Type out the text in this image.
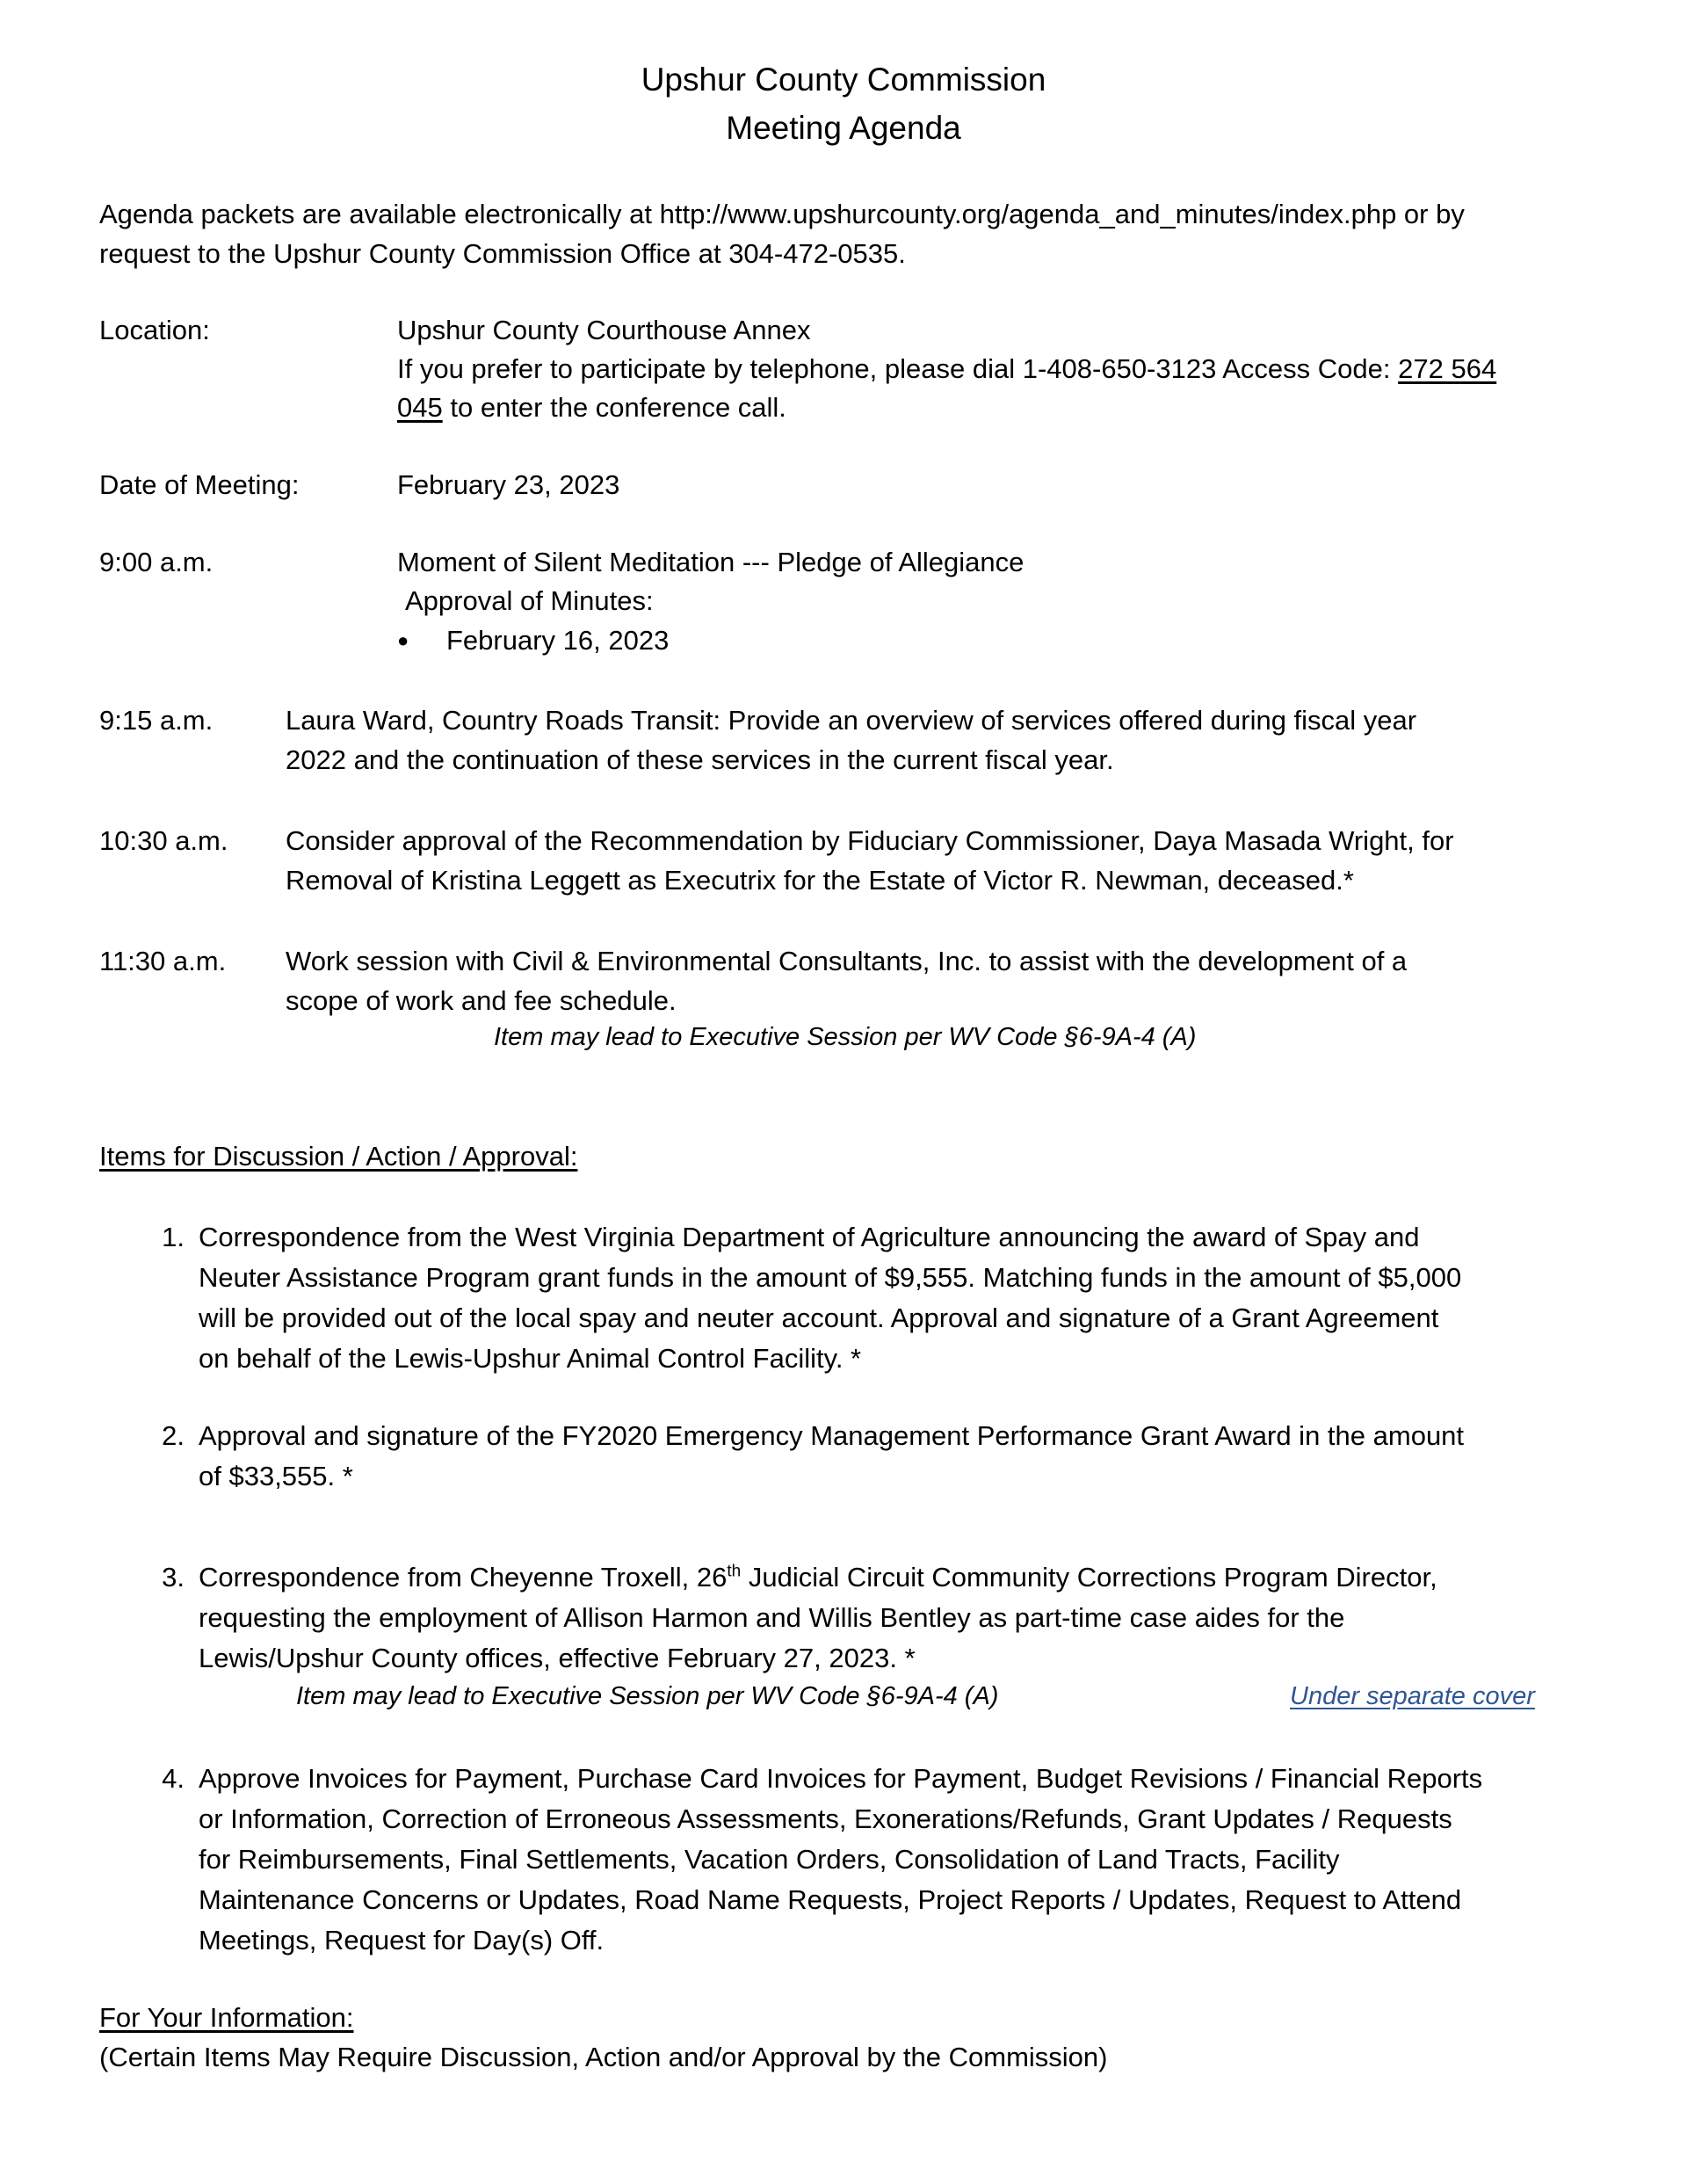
Upshur County Commission
Meeting Agenda
Agenda packets are available electronically at http://www.upshurcounty.org/agenda_and_minutes/index.php or by
request to the Upshur County Commission Office at 304-472-0535.
Location:	Upshur County Courthouse Annex
If you prefer to participate by telephone, please dial 1-408-650-3123 Access Code: 272 564
045 to enter the conference call.
Date of Meeting:	February 23, 2023
9:00 a.m.	Moment of Silent Meditation --- Pledge of Allegiance
Approval of Minutes:
● February 16, 2023
9:15 a.m.	Laura Ward, Country Roads Transit: Provide an overview of services offered during fiscal year
2022 and the continuation of these services in the current fiscal year.
10:30 a.m. Consider approval of the Recommendation by Fiduciary Commissioner, Daya Masada Wright, for
Removal of Kristina Leggett as Executrix for the Estate of Victor R. Newman, deceased.*
11:30 a.m. Work session with Civil & Environmental Consultants, Inc. to assist with the development of a
scope of work and fee schedule.
Item may lead to Executive Session per WV Code §6-9A-4 (A)
Items for Discussion / Action / Approval:
1. Correspondence from the West Virginia Department of Agriculture announcing the award of Spay and
Neuter Assistance Program grant funds in the amount of $9,555. Matching funds in the amount of $5,000
will be provided out of the local spay and neuter account. Approval and signature of a Grant Agreement
on behalf of the Lewis-Upshur Animal Control Facility. *
2. Approval and signature of the FY2020 Emergency Management Performance Grant Award in the amount
of $33,555. *
3. Correspondence from Cheyenne Troxell, 26th Judicial Circuit Community Corrections Program Director,
requesting the employment of Allison Harmon and Willis Bentley as part-time case aides for the
Lewis/Upshur County offices, effective February 27, 2023. *
Item may lead to Executive Session per WV Code §6-9A-4 (A)	Under separate cover
4. Approve Invoices for Payment, Purchase Card Invoices for Payment, Budget Revisions / Financial Reports
or Information, Correction of Erroneous Assessments, Exonerations/Refunds, Grant Updates / Requests
for Reimbursements, Final Settlements, Vacation Orders, Consolidation of Land Tracts, Facility
Maintenance Concerns or Updates, Road Name Requests, Project Reports / Updates, Request to Attend
Meetings, Request for Day(s) Off.
For Your Information:
(Certain Items May Require Discussion, Action and/or Approval by the Commission)
